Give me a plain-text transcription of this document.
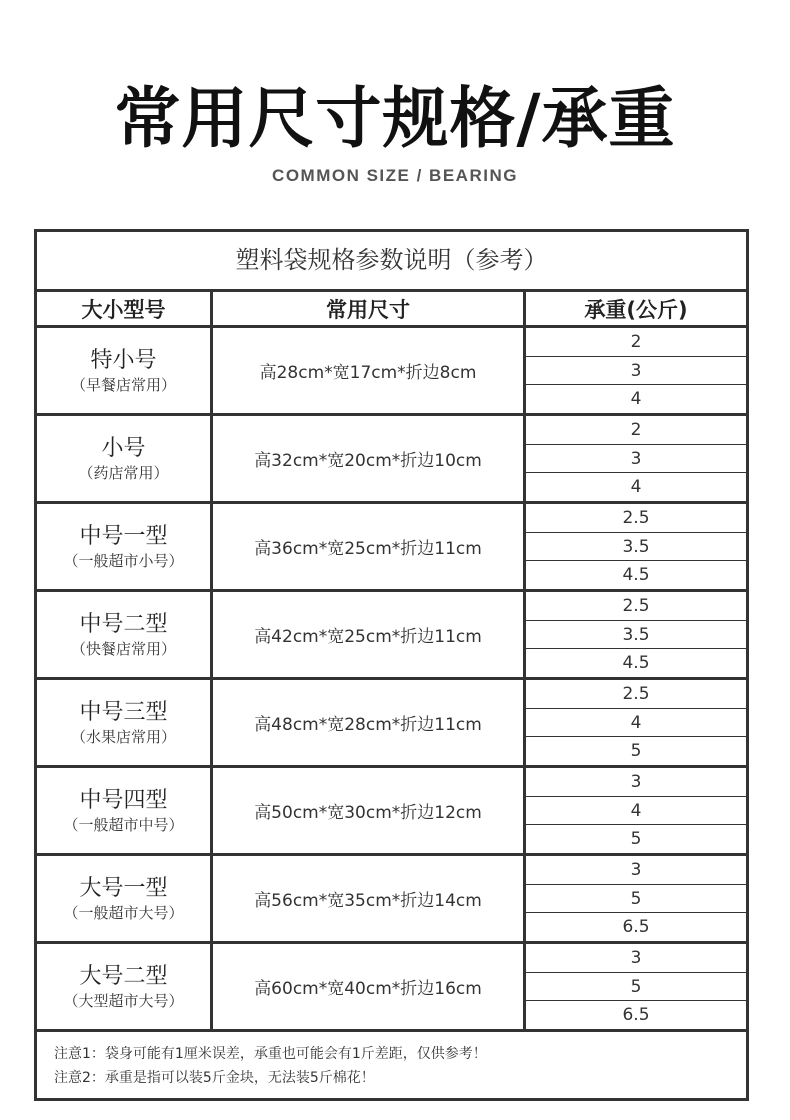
常用尺寸规格/承重
COMMON SIZE / BEARING
塑料袋规格参数说明（参考）
大小型号	常用尺寸	承重(公斤)
特小号
（早餐店常用）
高28cm*宽17cm*折边8cm
2
3
4
小号
（药店常用）
高32cm*宽20cm*折边10cm
2
3
4
中号一型
（一般超市小号）
高36cm*宽25cm*折边11cm
2.5
3.5
4.5
中号二型
（快餐店常用）
高42cm*宽25cm*折边11cm
2.5
3.5
4.5
中号三型
（水果店常用）
高48cm*宽28cm*折边11cm
2.5
4
5
中号四型
（一般超市中号）
高50cm*宽30cm*折边12cm
3
4
5
大号一型
（一般超市大号）
高56cm*宽35cm*折边14cm
3
5
6.5
大号二型
（大型超市大号）
高60cm*宽40cm*折边16cm
3
5
6.5
注意1：袋身可能有1厘米误差，承重也可能会有1斤差距，仅供参考！
注意2：承重是指可以装5斤金块，无法装5斤棉花！
